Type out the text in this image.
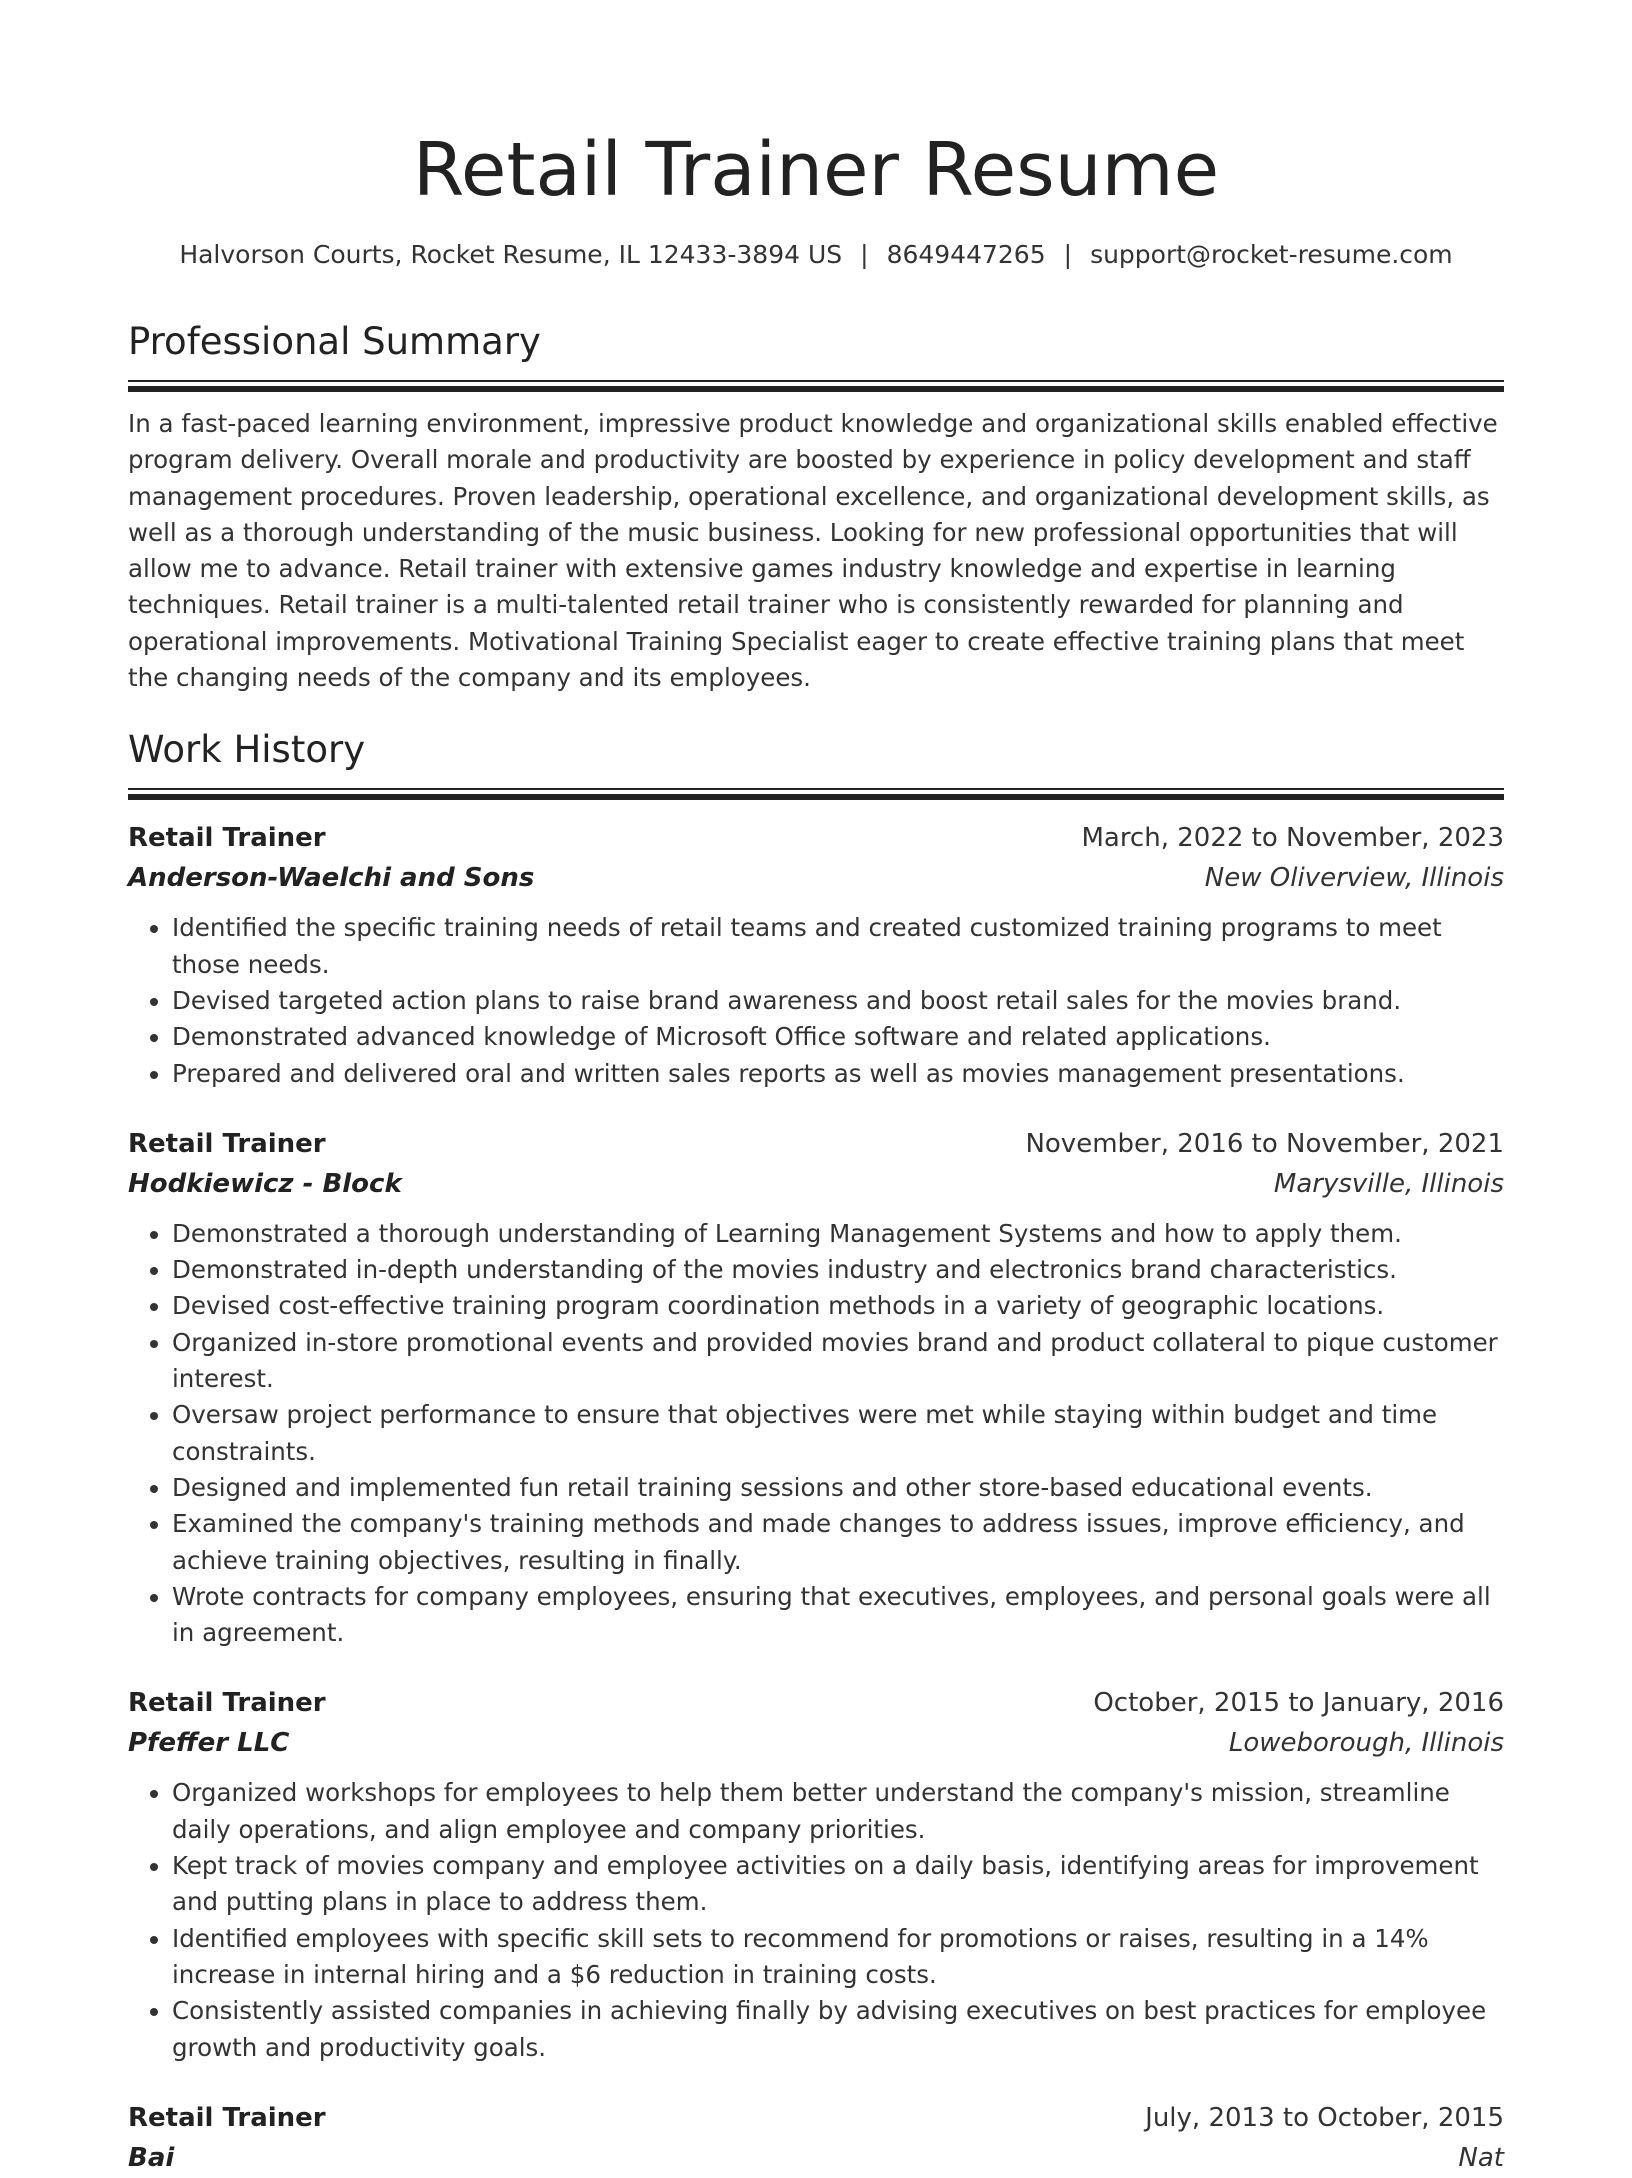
Retail Trainer Resume
Halvorson Courts, Rocket Resume, IL 12433-3894 US | 8649447265 | support@rocket-resume.com
Professional Summary

In a fast-paced learning environment, impressive product knowledge and organizational skills enabled effective program delivery. Overall morale and productivity are boosted by experience in policy development and staff management procedures. Proven leadership, operational excellence, and organizational development skills, as well as a thorough understanding of the music business. Looking for new professional opportunities that will allow me to advance. Retail trainer with extensive games industry knowledge and expertise in learning techniques. Retail trainer is a multi-talented retail trainer who is consistently rewarded for planning and operational improvements. Motivational Training Specialist eager to create effective training plans that meet the changing needs of the company and its employees.

Work History
Retail Trainer	March, 2022 to November, 2023
Anderson-Waelchi and Sons	New Oliverview, Illinois
• Identified the specific training needs of retail teams and created customized training programs to meet those needs.
• Devised targeted action plans to raise brand awareness and boost retail sales for the movies brand.
• Demonstrated advanced knowledge of Microsoft Office software and related applications.
• Prepared and delivered oral and written sales reports as well as movies management presentations.
Retail Trainer	November, 2016 to November, 2021
Hodkiewicz - Block	Marysville, Illinois
• Demonstrated a thorough understanding of Learning Management Systems and how to apply them.
• Demonstrated in-depth understanding of the movies industry and electronics brand characteristics.
• Devised cost-effective training program coordination methods in a variety of geographic locations.
• Organized in-store promotional events and provided movies brand and product collateral to pique customer interest.
• Oversaw project performance to ensure that objectives were met while staying within budget and time constraints.
• Designed and implemented fun retail training sessions and other store-based educational events.
• Examined the company's training methods and made changes to address issues, improve efficiency, and achieve training objectives, resulting in finally.
• Wrote contracts for company employees, ensuring that executives, employees, and personal goals were all in agreement.
Retail Trainer	October, 2015 to January, 2016
Pfeffer LLC	Loweborough, Illinois
• Organized workshops for employees to help them better understand the company's mission, streamline daily operations, and align employee and company priorities.
• Kept track of movies company and employee activities on a daily basis, identifying areas for improvement and putting plans in place to address them.
• Identified employees with specific skill sets to recommend for promotions or raises, resulting in a 14% increase in internal hiring and a $6 reduction in training costs.
• Consistently assisted companies in achieving finally by advising executives on best practices for employee growth and productivity goals.
Retail Trainer	July, 2013 to October, 2015
Bai	Nat
